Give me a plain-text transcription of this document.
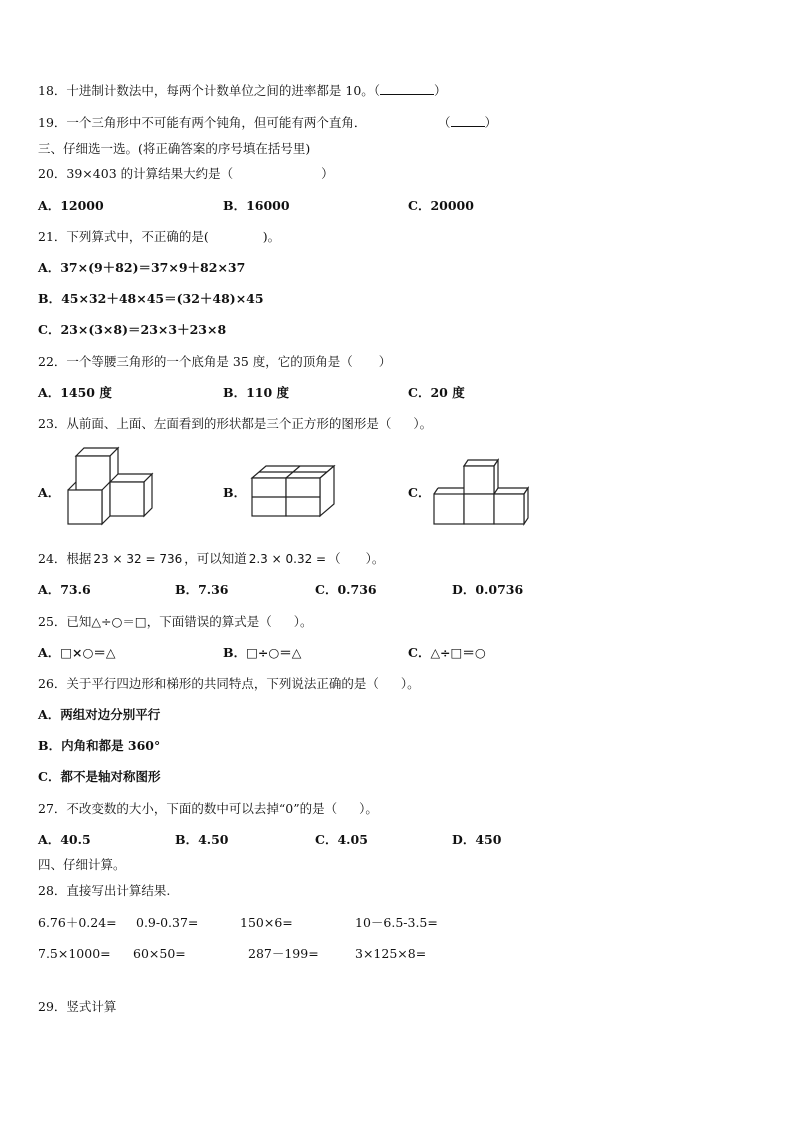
18．十进制计数法中，每两个计数单位之间的进率都是 10。（	）
19．一个三角形中不可能有两个钝角，但可能有两个直角．	（	）
三、仔细选一选。(将正确答案的序号填在括号里)
20．39×403 的计算结果大约是（	）
A．12000	B．16000	C．20000
21．下列算式中，不正确的是(	)。
A．37×(9＋82)＝37×9＋82×37
B．45×32＋48×45＝(32＋48)×45
C．23×(3×8)＝23×3＋23×8
22．一个等腰三角形的一个底角是 35 度，它的顶角是（ ）
A．1450 度	B．110 度	C．20 度
23．从前面、上面、左面看到的形状都是三个正方形的图形是（ ）。
A．	B．	C．
24．根据 23 × 32 = 736 ，可以知道 2.3 × 0.32 = （　　）。
A．73.6	B．7.36	C．0.736	D．0.0736
25．已知△÷○＝□，下面错误的算式是（ ）。
A．□×○＝△	B．□÷○＝△	C．△÷□＝○
26．关于平行四边形和梯形的共同特点，下列说法正确的是（ ）。
A．两组对边分别平行
B．内角和都是 360°
C．都不是轴对称图形
27．不改变数的大小，下面的数中可以去掉“0”的是（ ）。
A．40.5	B．4.50	C．4.05	D．450
四、仔细计算。
28．直接写出计算结果.
6.76＋0.24= 0.9-0.37=	150×6=	10－6.5-3.5=
7.5×1000= 60×50=	287－199=	3×125×8=
29．竖式计算
